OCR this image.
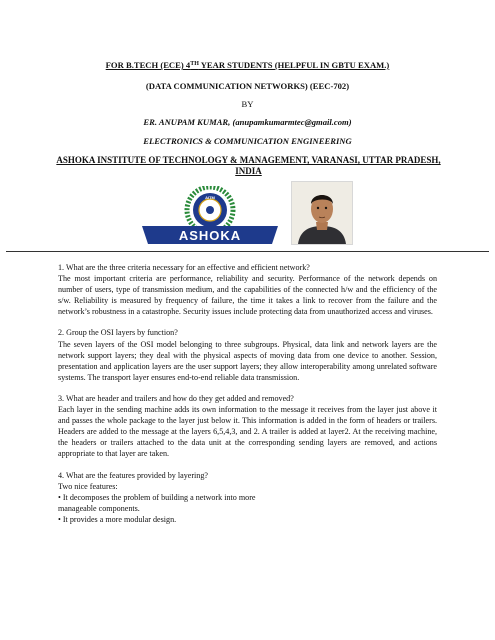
FOR B.TECH (ECE) 4TH YEAR STUDENTS (HELPFUL IN GBTU EXAM.)
(DATA COMMUNICATION NETWORKS) (EEC-702)
BY
ER. ANUPAM KUMAR, (anupamkumarmtec@gmail.com)
ELECTRONICS & COMMUNICATION ENGINEERING
ASHOKA INSTITUTE OF TECHNOLOGY & MANAGEMENT, VARANASI, UTTAR PRADESH, INDIA
AITM
ASHOKA

1. What are the three criteria necessary for an effective and efficient network?
The most important criteria are performance, reliability and security. Performance of the network depends on number of users, type of transmission medium, and the capabilities of the connected h/w and the efficiency of the s/w. Reliability is measured by frequency of failure, the time it takes a link to recover from the failure and the network’s robustness in a catastrophe. Security issues include protecting data from unauthorized access and viruses.

2. Group the OSI layers by function?
The seven layers of the OSI model belonging to three subgroups. Physical, data link and network layers are the network support layers; they deal with the physical aspects of moving data from one device to another. Session, presentation and application layers are the user support layers; they allow interoperability among unrelated software systems. The transport layer ensures end-to-end reliable data transmission.

3. What are header and trailers and how do they get added and removed?
Each layer in the sending machine adds its own information to the message it receives from the layer just above it and passes the whole package to the layer just below it. This information is added in the form of headers or trailers. Headers are added to the message at the layers 6,5,4,3, and 2. A trailer is added at layer2. At the receiving machine, the headers or trailers attached to the data unit at the corresponding sending layers are removed, and actions appropriate to that layer are taken.

4. What are the features provided by layering?
Two nice features:
• It decomposes the problem of building a network into more
manageable components.
• It provides a more modular design.
